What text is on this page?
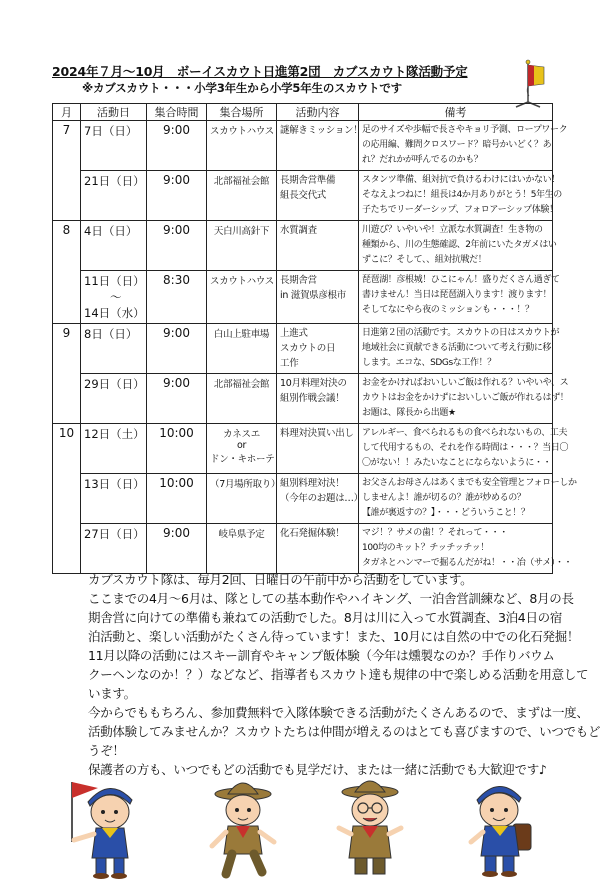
2024年７月～10月　ボーイスカウト日進第2団　カブスカウト隊活動予定
※カブスカウト・・・小学3年生から小学5年生のスカウトです
月	活動日	集合時間	集合場所	活動内容	備考
7	7日（日）	9:00	スカウトハウス	謎解きミッション！	足のサイズや歩幅で長さやキョリ予測、ロープワーク
の応用編、難問クロスワード？暗号かいどく？あ
れ？だれかが呼んでるのかも？

	21日（日）	9:00	北部福祉会館	長期舎営準備
組長交代式	スタンツ準備、組対抗で負けるわけにはいかない！
そなえよつねに！組長は4か月ありがとう！5年生の
子たちでリーダーシップ、フォロアーシップ体験！

8	4日（日）	9:00	天白川高針下	水質調査	川遊び？いやいや！立派な水質調査！生き物の
種類から、川の生態確認、2年前にいたタガメはい
ずこに？そして、、組対抗戦だ！

	11日（日）
～
14日（水）	8:30	スカウトハウス	長期舎営
in 滋賀県彦根市	琵琶湖！彦根城！ひこにゃん！盛りだくさん過ぎて
書けません！当日は琵琶湖入ります！渡ります！
そしてなにやら夜のミッションも・・・！？

9	8日（日）	9:00	白山上駐車場	上進式
スカウトの日
工作	日進第２団の活動です。スカウトの日はスカウトが
地域社会に貢献できる活動について考え行動に移
します。エコな、SDGsな工作！？

	29日（日）	9:00	北部福祉会館	10月料理対決の
組別作戦会議！	お金をかければおいしいご飯は作れる？いやいや、ス
カウトはお金をかけずにおいしいご飯が作れるはず！
お題は、隊長から出題★

10	12日（土）	10:00	カネスエ
or
ドン・キホーテ	料理対決買い出し	アレルギー、食べられるもの食べられないもの、工夫
して代用するもの、それを作る時間は・・・？当日〇
〇がない！！みたいなことにならないように・・

	13日（日）	10:00	（7月場所取り）	組別料理対決！
（今年のお題は…）	お父さんお母さんはあくまでも安全管理とフォローしか
しませんよ！誰が切るの？誰が炒めるの？
【誰が裏返すの？】・・・どういうこと！？

	27日（日）	9:00	岐阜県予定	化石発掘体験！	マジ！？サメの歯！？それって・・・
100均のキット？チッチッチッ！
タガネとハンマーで掘るんだがね！・・冶（サメ）・・
カブスカウト隊は、毎月2回、日曜日の午前中から活動をしています。
ここまでの4月～6月は、隊としての基本動作やハイキング、一泊舎営訓練など、8月の長
期舎営に向けての準備も兼ねての活動でした。8月は川に入って水質調査、3泊4日の宿
泊活動と、楽しい活動がたくさん待っています！また、10月には自然の中での化石発掘！
11月以降の活動にはスキー訓育やキャンプ飯体験（今年は燻製なのか？手作りバウム
クーヘンなのか！？）などなど、指導者もスカウト達も規律の中で楽しめる活動を用意して
います。
今からでももちろん、参加費無料で入隊体験できる活動がたくさんあるので、まずは一度、
活動体験してみませんか？スカウトたちは仲間が増えるのはとても喜びますので、いつでもど
うぞ！
保護者の方も、いつでもどの活動でも見学だけ、または一緒に活動でも大歓迎です♪
